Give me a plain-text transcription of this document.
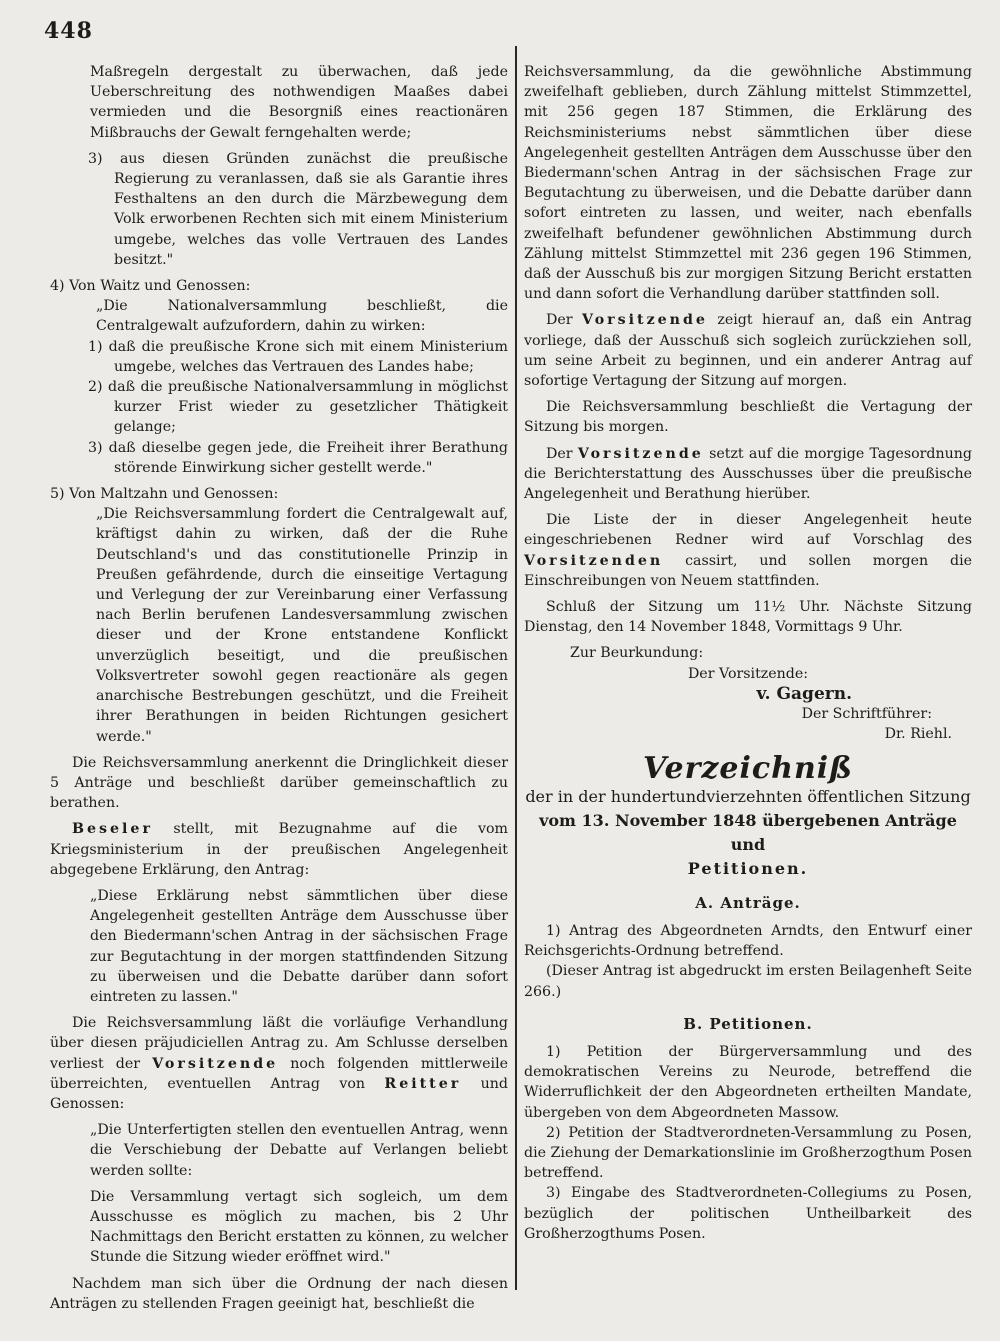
448

Maßregeln dergestalt zu überwachen, daß jede Ueberschreitung des nothwendigen Maaßes dabei vermieden und die Besorgniß eines reactionären Mißbrauchs der Gewalt ferngehalten werde;

3) aus diesen Gründen zunächst die preußische Regierung zu veranlassen, daß sie als Garantie ihres Festhaltens an den durch die Märzbewegung dem Volk erworbenen Rechten sich mit einem Ministerium umgebe, welches das volle Vertrauen des Landes besitzt."

4) Von Waitz und Genossen:

„Die Nationalversammlung beschließt, die Centralgewalt aufzufordern, dahin zu wirken:

1) daß die preußische Krone sich mit einem Ministerium umgebe, welches das Vertrauen des Landes habe;

2) daß die preußische Nationalversammlung in möglichst kurzer Frist wieder zu gesetzlicher Thätigkeit gelange;

3) daß dieselbe gegen jede, die Freiheit ihrer Berathung störende Einwirkung sicher gestellt werde."

5) Von Maltzahn und Genossen:

„Die Reichsversammlung fordert die Centralgewalt auf, kräftigst dahin zu wirken, daß der die Ruhe Deutschland's und das constitutionelle Prinzip in Preußen gefährdende, durch die einseitige Vertagung und Verlegung der zur Vereinbarung einer Verfassung nach Berlin berufenen Landesversammlung zwischen dieser und der Krone entstandene Konflickt unverzüglich beseitigt, und die preußischen Volksvertreter sowohl gegen reactionäre als gegen anarchische Bestrebungen geschützt, und die Freiheit ihrer Berathungen in beiden Richtungen gesichert werde."

Die Reichsversammlung anerkennt die Dringlichkeit dieser 5 Anträge und beschließt darüber gemeinschaftlich zu berathen.

Beseler stellt, mit Bezugnahme auf die vom Kriegsministerium in der preußischen Angelegenheit abgegebene Erklärung, den Antrag:

„Diese Erklärung nebst sämmtlichen über diese Angelegenheit gestellten Anträge dem Ausschusse über den Biedermann'schen Antrag in der sächsischen Frage zur Begutachtung in der morgen stattfindenden Sitzung zu überweisen und die Debatte darüber dann sofort eintreten zu lassen."

Die Reichsversammlung läßt die vorläufige Verhandlung über diesen präjudiciellen Antrag zu. Am Schlusse derselben verliest der Vorsitzende noch folgenden mittlerweile überreichten, eventuellen Antrag von Reitter und Genossen:

„Die Unterfertigten stellen den eventuellen Antrag, wenn die Verschiebung der Debatte auf Verlangen beliebt werden sollte:

Die Versammlung vertagt sich sogleich, um dem Ausschusse es möglich zu machen, bis 2 Uhr Nachmittags den Bericht erstatten zu können, zu welcher Stunde die Sitzung wieder eröffnet wird."

Nachdem man sich über die Ordnung der nach diesen Anträgen zu stellenden Fragen geeinigt hat, beschließt die

Reichsversammlung, da die gewöhnliche Abstimmung zweifelhaft geblieben, durch Zählung mittelst Stimmzettel, mit 256 gegen 187 Stimmen, die Erklärung des Reichsministeriums nebst sämmtlichen über diese Angelegenheit gestellten Anträgen dem Ausschusse über den Biedermann'schen Antrag in der sächsischen Frage zur Begutachtung zu überweisen, und die Debatte darüber dann sofort eintreten zu lassen, und weiter, nach ebenfalls zweifelhaft befundener gewöhnlichen Abstimmung durch Zählung mittelst Stimmzettel mit 236 gegen 196 Stimmen, daß der Ausschuß bis zur morgigen Sitzung Bericht erstatten und dann sofort die Verhandlung darüber stattfinden soll.

Der Vorsitzende zeigt hierauf an, daß ein Antrag vorliege, daß der Ausschuß sich sogleich zurückziehen soll, um seine Arbeit zu beginnen, und ein anderer Antrag auf sofortige Vertagung der Sitzung auf morgen.

Die Reichsversammlung beschließt die Vertagung der Sitzung bis morgen.

Der Vorsitzende setzt auf die morgige Tagesordnung die Berichterstattung des Ausschusses über die preußische Angelegenheit und Berathung hierüber.

Die Liste der in dieser Angelegenheit heute eingeschriebenen Redner wird auf Vorschlag des Vorsitzenden cassirt, und sollen morgen die Einschreibungen von Neuem stattfinden.

Schluß der Sitzung um 11½ Uhr. Nächste Sitzung Dienstag, den 14 November 1848, Vormittags 9 Uhr.

Zur Beurkundung:

Der Vorsitzende:

v. Gagern.

Der Schriftführer:

Dr. Riehl.

Verzeichniß
der in der hundertundvierzehnten öffentlichen Sitzung
vom 13. November 1848 übergebenen Anträge und
Petitionen.
A. Anträge.

1) Antrag des Abgeordneten Arndts, den Entwurf einer Reichsgerichts-Ordnung betreffend.

(Dieser Antrag ist abgedruckt im ersten Beilagenheft Seite 266.)

B. Petitionen.

1) Petition der Bürgerversammlung und des demokratischen Vereins zu Neurode, betreffend die Widerruflichkeit der den Abgeordneten ertheilten Mandate, übergeben von dem Abgeordneten Massow.

2) Petition der Stadtverordneten-Versammlung zu Posen, die Ziehung der Demarkationslinie im Großherzogthum Posen betreffend.

3) Eingabe des Stadtverordneten-Collegiums zu Posen, bezüglich der politischen Untheilbarkeit des Großherzogthums Posen.
